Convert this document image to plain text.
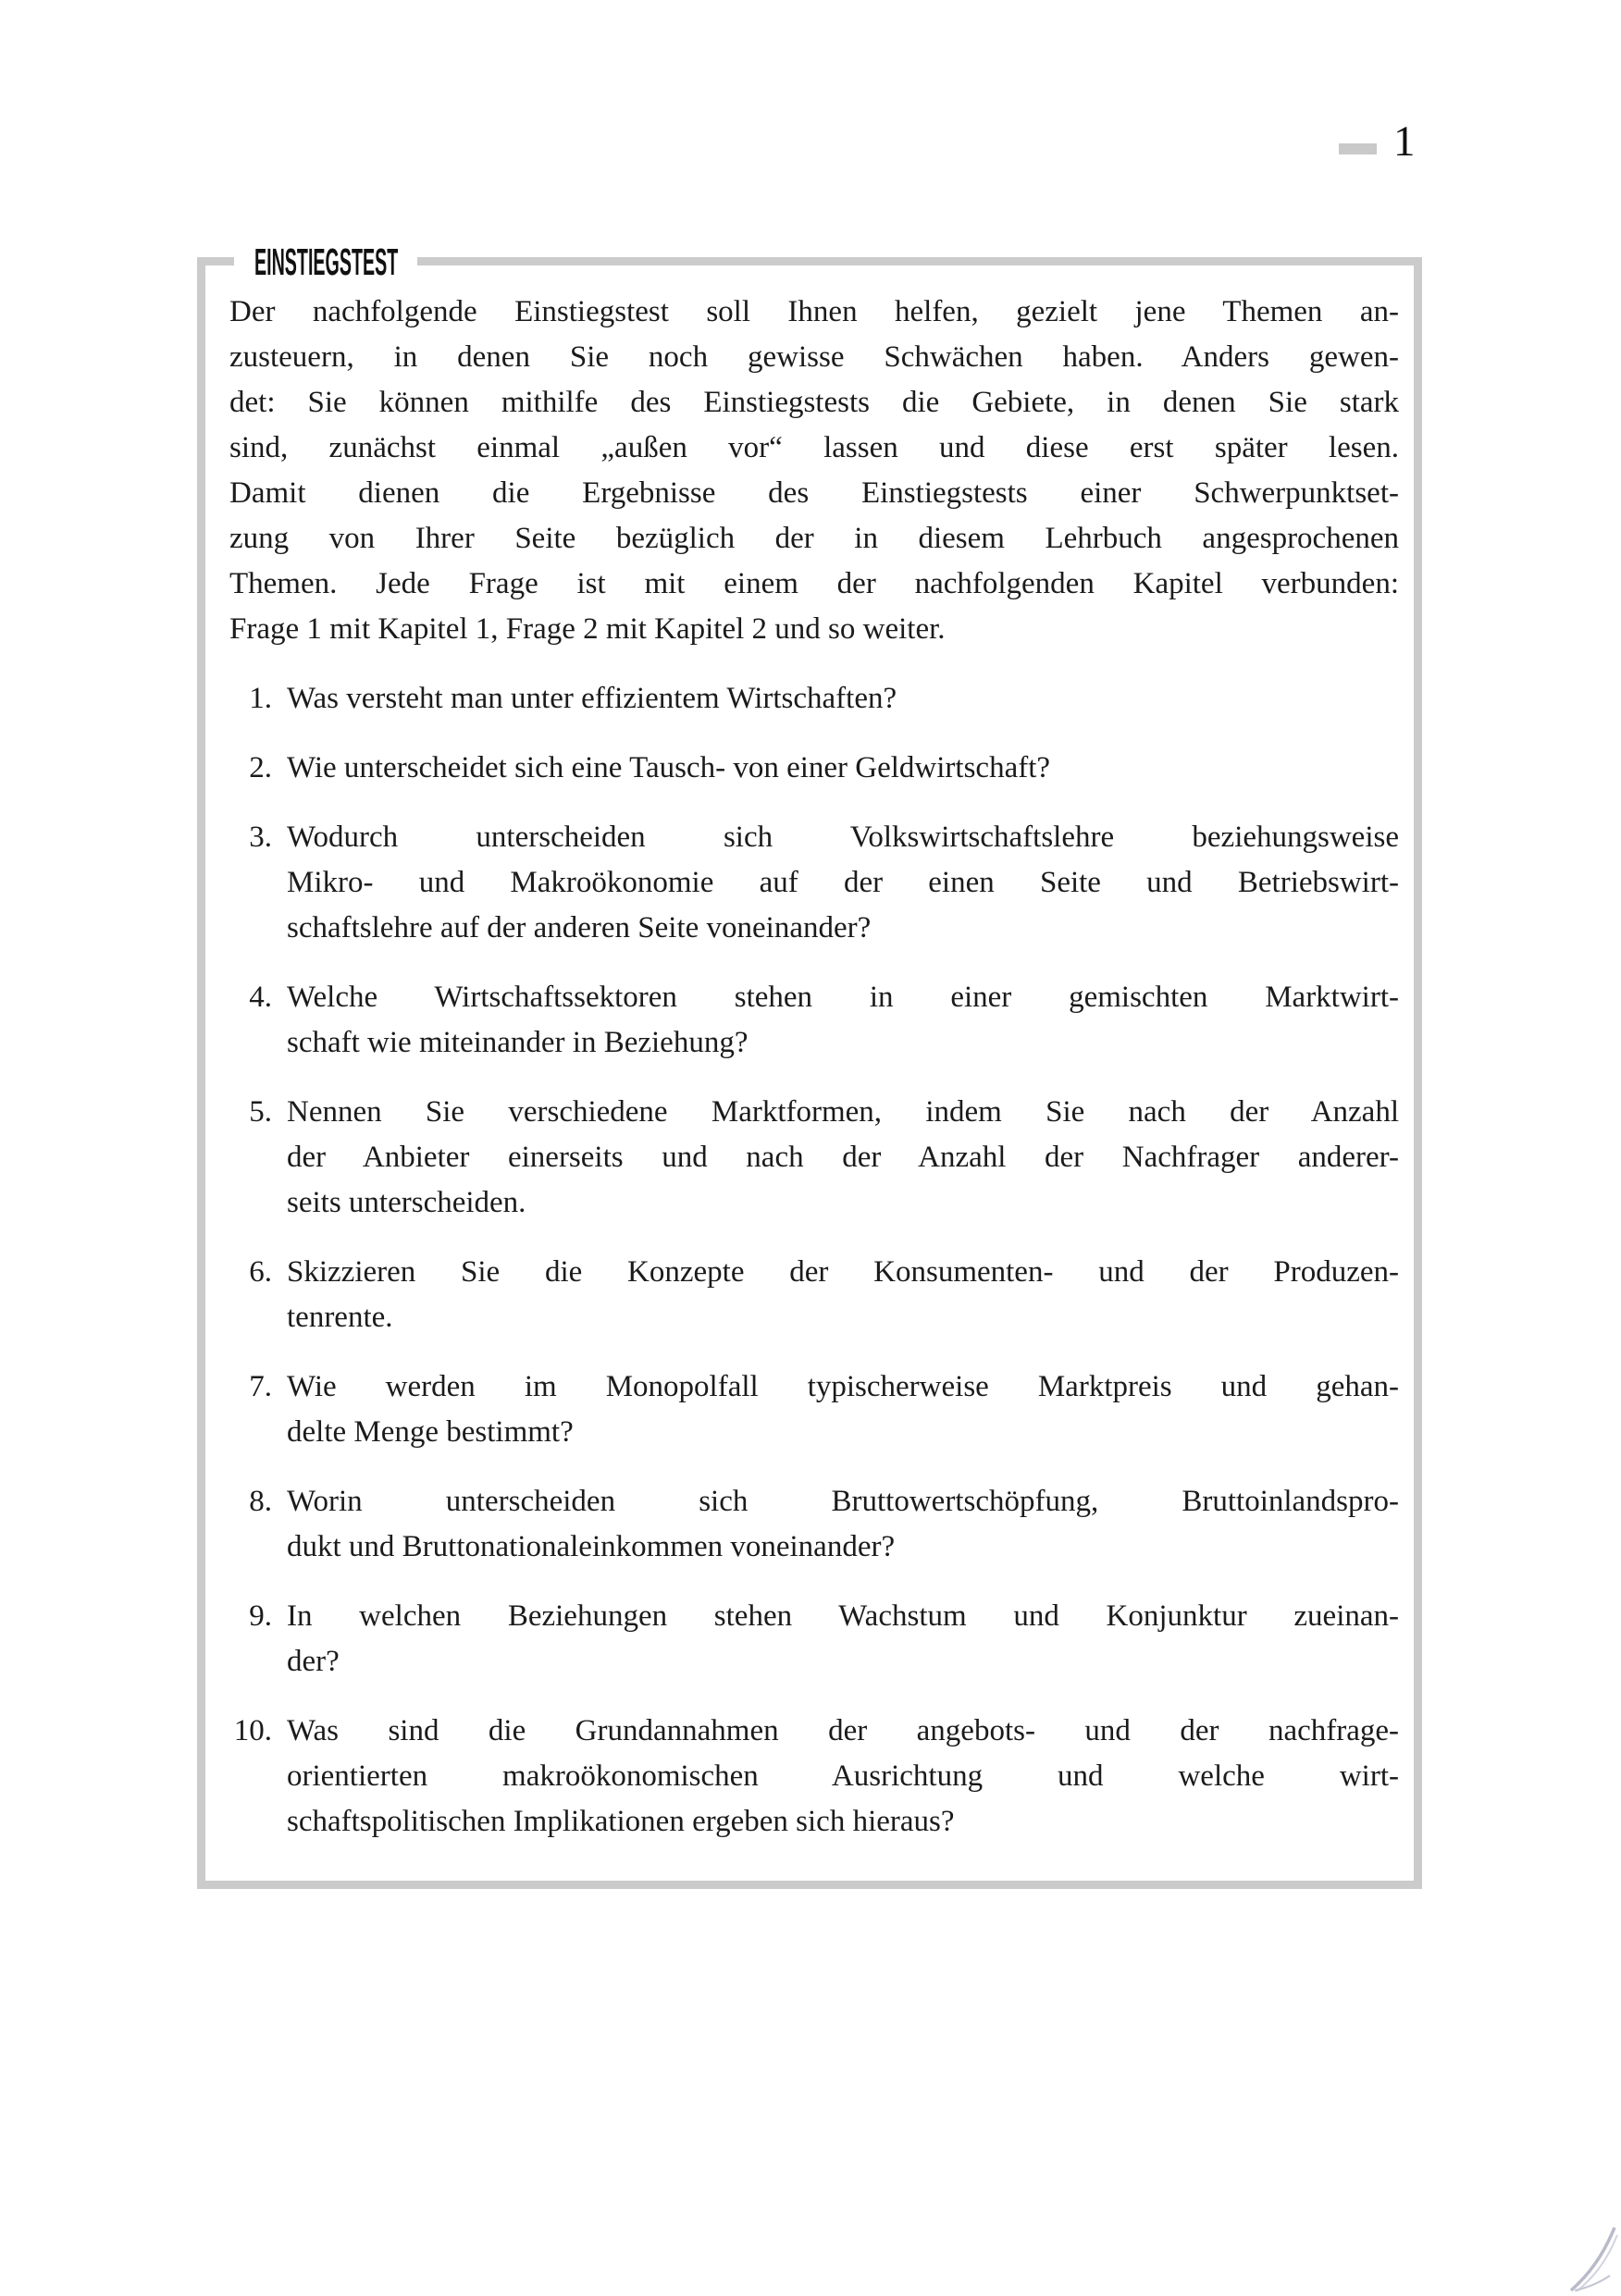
1
EINSTIEGSTEST
Der nachfolgende Einstiegstest soll Ihnen helfen, gezielt jene Themen an-
zusteuern, in denen Sie noch gewisse Schwächen haben. Anders gewen-
det: Sie können mithilfe des Einstiegstests die Gebiete, in denen Sie stark
sind, zunächst einmal „außen vor“ lassen und diese erst später lesen.
Damit dienen die Ergebnisse des Einstiegstests einer Schwerpunktset-
zung von Ihrer Seite bezüglich der in diesem Lehrbuch angesprochenen
Themen. Jede Frage ist mit einem der nachfolgenden Kapitel verbunden:
Frage 1 mit Kapitel 1, Frage 2 mit Kapitel 2 und so weiter.
1. Was versteht man unter effizientem Wirtschaften?
2. Wie unterscheidet sich eine Tausch- von einer Geldwirtschaft?
3. Wodurch unterscheiden sich Volkswirtschaftslehre beziehungsweise
Mikro- und Makroökonomie auf der einen Seite und Betriebswirt-
schaftslehre auf der anderen Seite voneinander?
4. Welche Wirtschaftssektoren stehen in einer gemischten Marktwirt-
schaft wie miteinander in Beziehung?
5. Nennen Sie verschiedene Marktformen, indem Sie nach der Anzahl
der Anbieter einerseits und nach der Anzahl der Nachfrager anderer-
seits unterscheiden.
6. Skizzieren Sie die Konzepte der Konsumenten- und der Produzen-
tenrente.
7. Wie werden im Monopolfall typischerweise Marktpreis und gehan-
delte Menge bestimmt?
8. Worin unterscheiden sich Bruttowertschöpfung, Bruttoinlandspro-
dukt und Bruttonationaleinkommen voneinander?
9. In welchen Beziehungen stehen Wachstum und Konjunktur zueinan-
der?
10. Was sind die Grundannahmen der angebots- und der nachfrage-
orientierten makroökonomischen Ausrichtung und welche wirt-
schaftspolitischen Implikationen ergeben sich hieraus?
